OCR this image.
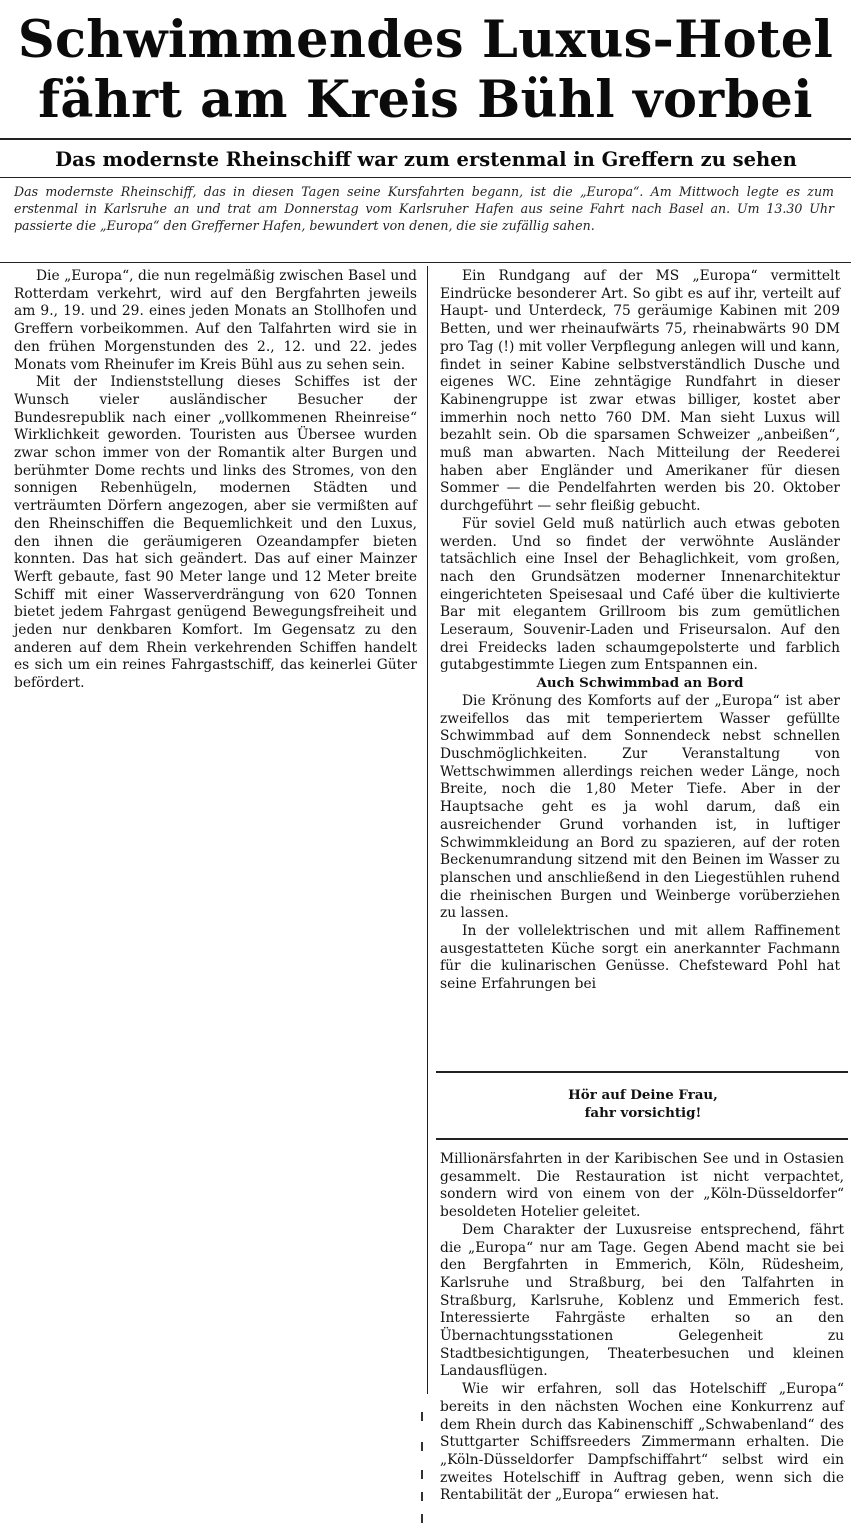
Schwimmendes Luxus-Hotel
fährt am Kreis Bühl vorbei
Das modernste Rheinschiff war zum erstenmal in Greffern zu sehen
Das modernste Rheinschiff, das in diesen Tagen seine Kursfahrten begann, ist die „Europa“. Am Mittwoch legte es zum erstenmal in Karlsruhe an und trat am Donnerstag vom Karlsruher Hafen aus seine Fahrt nach Basel an. Um 13.30 Uhr passierte die „Europa“ den Grefferner Hafen, bewundert von denen, die sie zufällig sahen.

Die „Europa“, die nun regelmäßig zwischen Basel und Rotterdam verkehrt, wird auf den Bergfahrten jeweils am 9., 19. und 29. eines jeden Monats an Stollhofen und Greffern vorbeikommen. Auf den Talfahrten wird sie in den frühen Morgenstunden des 2., 12. und 22. jedes Monats vom Rheinufer im Kreis Bühl aus zu sehen sein.

Mit der Indienststellung dieses Schiffes ist der Wunsch vieler ausländischer Besucher der Bundesrepublik nach einer „vollkommenen Rheinreise“ Wirklichkeit geworden. Touristen aus Übersee wurden zwar schon immer von der Romantik alter Burgen und berühmter Dome rechts und links des Stromes, von den sonnigen Rebenhügeln, modernen Städten und verträumten Dörfern angezogen, aber sie vermißten auf den Rheinschiffen die Bequemlichkeit und den Luxus, den ihnen die geräumigeren Ozeandampfer bieten konnten. Das hat sich geändert. Das auf einer Mainzer Werft gebaute, fast 90 Meter lange und 12 Meter breite Schiff mit einer Wasserverdrängung von 620 Tonnen bietet jedem Fahrgast genügend Bewegungsfreiheit und jeden nur denkbaren Komfort. Im Gegensatz zu den anderen auf dem Rhein verkehrenden Schiffen handelt es sich um ein reines Fahrgastschiff, das keinerlei Güter befördert.

Ein Rundgang auf der MS „Europa“ vermittelt Eindrücke besonderer Art. So gibt es auf ihr, verteilt auf Haupt- und Unterdeck, 75 geräumige Kabinen mit 209 Betten, und wer rheinaufwärts 75, rheinabwärts 90 DM pro Tag (!) mit voller Verpflegung anlegen will und kann, findet in seiner Kabine selbstverständlich Dusche und eigenes WC. Eine zehntägige Rundfahrt in dieser Kabinengruppe ist zwar etwas billiger, kostet aber immerhin noch netto 760 DM. Man sieht Luxus will bezahlt sein. Ob die sparsamen Schweizer „anbeißen“, muß man abwarten. Nach Mitteilung der Reederei haben aber Engländer und Amerikaner für diesen Sommer — die Pendelfahrten werden bis 20. Oktober durchgeführt — sehr fleißig gebucht.

Für soviel Geld muß natürlich auch etwas geboten werden. Und so findet der verwöhnte Ausländer tatsächlich eine Insel der Behaglichkeit, vom großen, nach den Grundsätzen moderner Innenarchitektur eingerichteten Speisesaal und Café über die kultivierte Bar mit elegantem Grillroom bis zum gemütlichen Leseraum, Souvenir-Laden und Friseursalon. Auf den drei Freidecks laden schaumgepolsterte und farblich gutabgestimmte Liegen zum Entspannen ein.

Auch Schwimmbad an Bord

Die Krönung des Komforts auf der „Europa“ ist aber zweifellos das mit temperiertem Wasser gefüllte Schwimmbad auf dem Sonnendeck nebst schnellen Duschmöglichkeiten. Zur Veranstaltung von Wettschwimmen allerdings reichen weder Länge, noch Breite, noch die 1,80 Meter Tiefe. Aber in der Hauptsache geht es ja wohl darum, daß ein ausreichender Grund vorhanden ist, in luftiger Schwimmkleidung an Bord zu spazieren, auf der roten Beckenumrandung sitzend mit den Beinen im Wasser zu planschen und anschließend in den Liegestühlen ruhend die rheinischen Burgen und Weinberge vorüberziehen zu lassen.

In der vollelektrischen und mit allem Raffinement ausgestatteten Küche sorgt ein anerkannter Fachmann für die kulinarischen Genüsse. Chefsteward Pohl hat seine Erfahrungen bei

Hör auf Deine Frau,
fahr vorsichtig!

Millionärsfahrten in der Karibischen See und in Ostasien gesammelt. Die Restauration ist nicht verpachtet, sondern wird von einem von der „Köln-Düsseldorfer“ besoldeten Hotelier geleitet.

Dem Charakter der Luxusreise entsprechend, fährt die „Europa“ nur am Tage. Gegen Abend macht sie bei den Bergfahrten in Emmerich, Köln, Rüdesheim, Karlsruhe und Straßburg, bei den Talfahrten in Straßburg, Karlsruhe, Koblenz und Emmerich fest. Interessierte Fahrgäste erhalten so an den Übernachtungsstationen Gelegenheit zu Stadtbesichtigungen, Theaterbesuchen und kleinen Landausflügen.

Wie wir erfahren, soll das Hotelschiff „Europa“ bereits in den nächsten Wochen eine Konkurrenz auf dem Rhein durch das Kabinenschiff „Schwabenland“ des Stuttgarter Schiffsreeders Zimmermann erhalten. Die „Köln-Düsseldorfer Dampfschiffahrt“ selbst wird ein zweites Hotelschiff in Auftrag geben, wenn sich die Rentabilität der „Europa“ erwiesen hat.
